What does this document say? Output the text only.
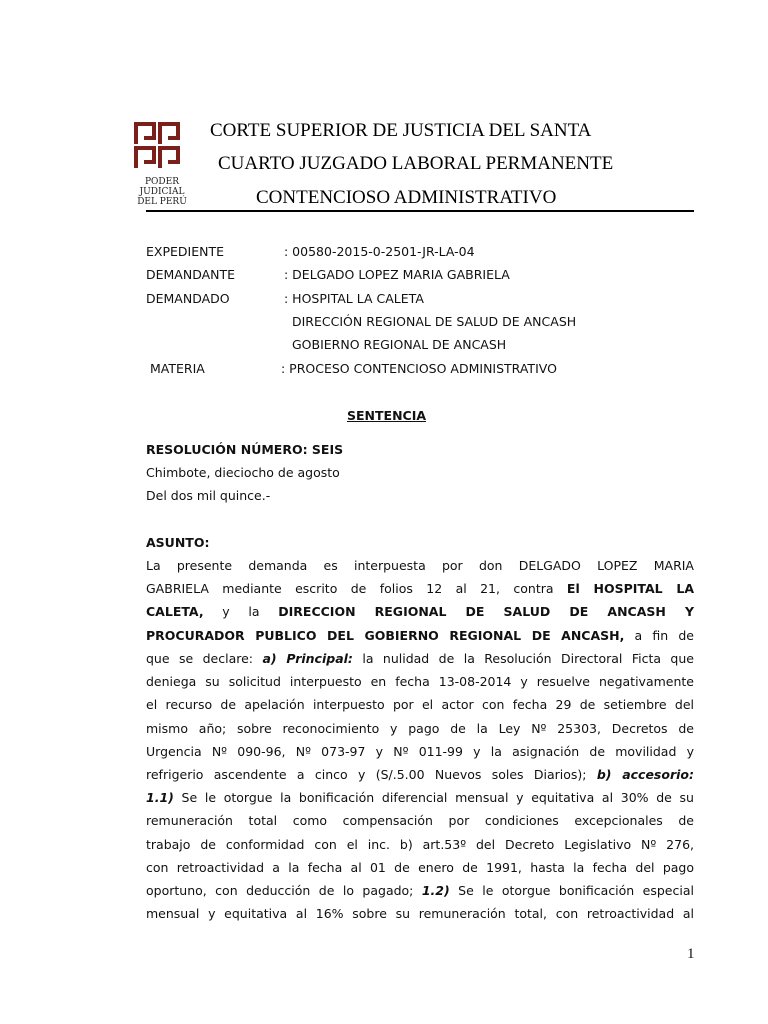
PODER JUDICIAL
DEL PERÚ
CORTE SUPERIOR DE JUSTICIA DEL SANTA
CUARTO JUZGADO LABORAL PERMANENTE
CONTENCIOSO ADMINISTRATIVO
EXPEDIENTE	: 00580-2015-0-2501-JR-LA-04
DEMANDANTE	: DELGADO LOPEZ MARIA GABRIELA
DEMANDADO	: HOSPITAL LA CALETA
DIRECCIÓN REGIONAL DE SALUD DE ANCASH
GOBIERNO REGIONAL DE ANCASH
MATERIA	: PROCESO CONTENCIOSO ADMINISTRATIVO
SENTENCIA
RESOLUCIÓN NÚMERO: SEIS
Chimbote, dieciocho de agosto
Del dos mil quince.-
ASUNTO:
La presente demanda es interpuesta por don DELGADO LOPEZ MARIA
GABRIELA mediante escrito de folios 12 al 21, contra El HOSPITAL LA
CALETA, y la DIRECCION REGIONAL DE SALUD DE ANCASH Y
PROCURADOR PUBLICO DEL GOBIERNO REGIONAL DE ANCASH, a fin de
que se declare: a) Principal: la nulidad de la Resolución Directoral Ficta que
deniega su solicitud interpuesto en fecha 13-08-2014 y resuelve negativamente
el recurso de apelación interpuesto por el actor con fecha 29 de setiembre del
mismo año; sobre reconocimiento y pago de la Ley Nº 25303, Decretos de
Urgencia Nº 090-96, Nº 073-97 y Nº 011-99 y la asignación de movilidad y
refrigerio ascendente a cinco y (S/.5.00 Nuevos soles Diarios); b) accesorio:
1.1) Se le otorgue la bonificación diferencial mensual y equitativa al 30% de su
remuneración total como compensación por condiciones excepcionales de
trabajo de conformidad con el inc. b) art.53º del Decreto Legislativo Nº 276,
con retroactividad a la fecha al 01 de enero de 1991, hasta la fecha del pago
oportuno, con deducción de lo pagado; 1.2) Se le otorgue bonificación especial
mensual y equitativa al 16% sobre su remuneración total, con retroactividad al
1
